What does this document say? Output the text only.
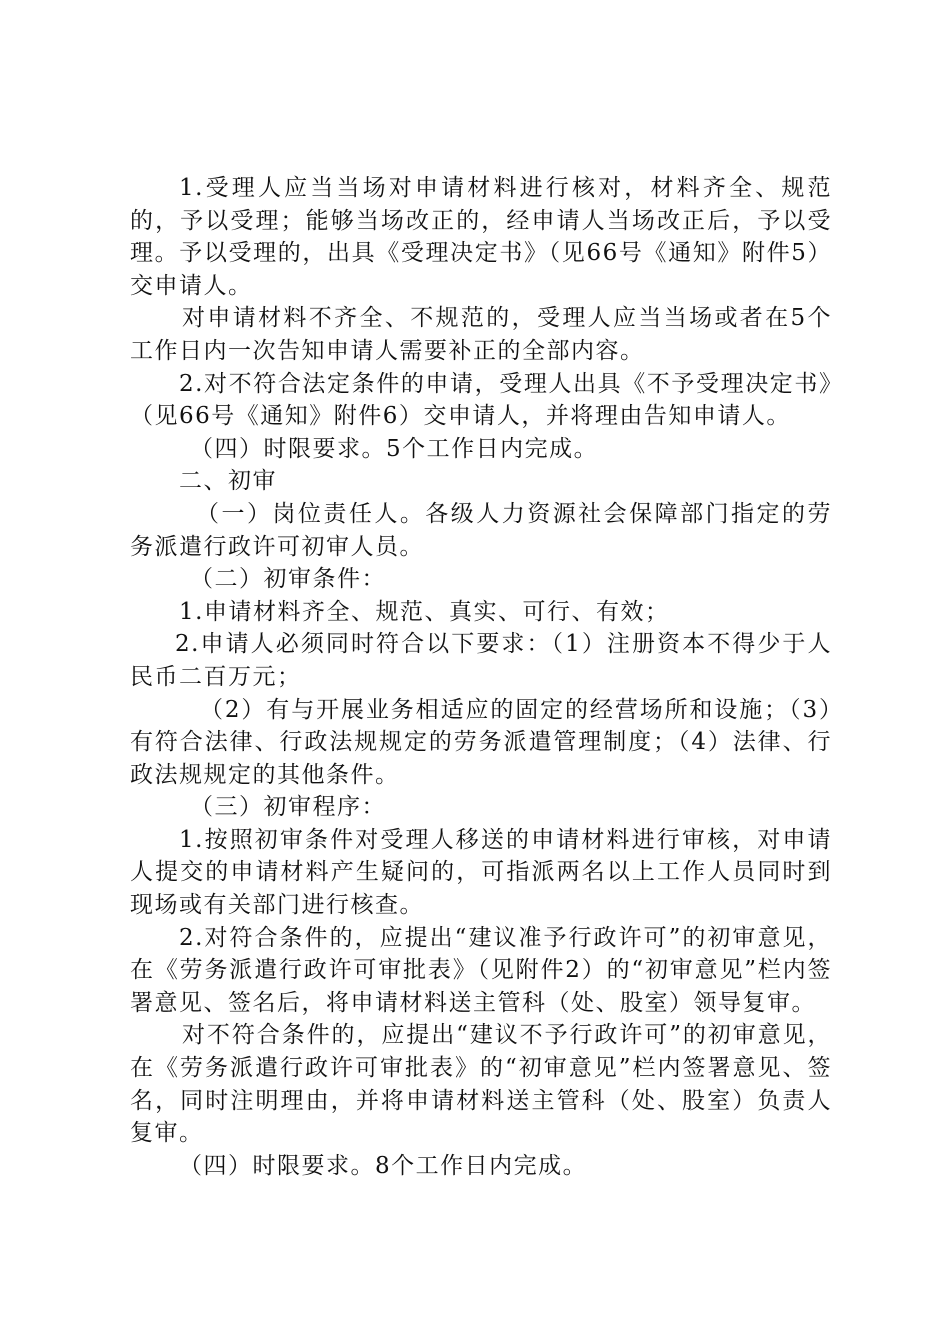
1.受理人应当当场对申请材料进行核对，材料齐全、规范的，予以受理；能够当场改正的，经申请人当场改正后，予以受理。予以受理的，出具《受理决定书》（见66号《通知》附件5）交申请人。

对申请材料不齐全、不规范的，受理人应当当场或者在5个工作日内一次告知申请人需要补正的全部内容。

2.对不符合法定条件的申请，受理人出具《不予受理决定书》（见66号《通知》附件6）交申请人，并将理由告知申请人。

（四）时限要求。5个工作日内完成。

二、初审

（一）岗位责任人。各级人力资源社会保障部门指定的劳务派遣行政许可初审人员。

（二）初审条件：

1.申请材料齐全、规范、真实、可行、有效；

2.申请人必须同时符合以下要求：（1）注册资本不得少于人民币二百万元；

（2）有与开展业务相适应的固定的经营场所和设施；（3）有符合法律、行政法规规定的劳务派遣管理制度；（4）法律、行政法规规定的其他条件。

（三）初审程序：

1.按照初审条件对受理人移送的申请材料进行审核，对申请人提交的申请材料产生疑问的，可指派两名以上工作人员同时到现场或有关部门进行核查。

2.对符合条件的，应提出“建议准予行政许可”的初审意见，在《劳务派遣行政许可审批表》（见附件2）的“初审意见”栏内签署意见、签名后，将申请材料送主管科（处、股室）领导复审。

对不符合条件的，应提出“建议不予行政许可”的初审意见，在《劳务派遣行政许可审批表》的“初审意见”栏内签署意见、签名，同时注明理由，并将申请材料送主管科（处、股室）负责人复审。

（四）时限要求。8个工作日内完成。
